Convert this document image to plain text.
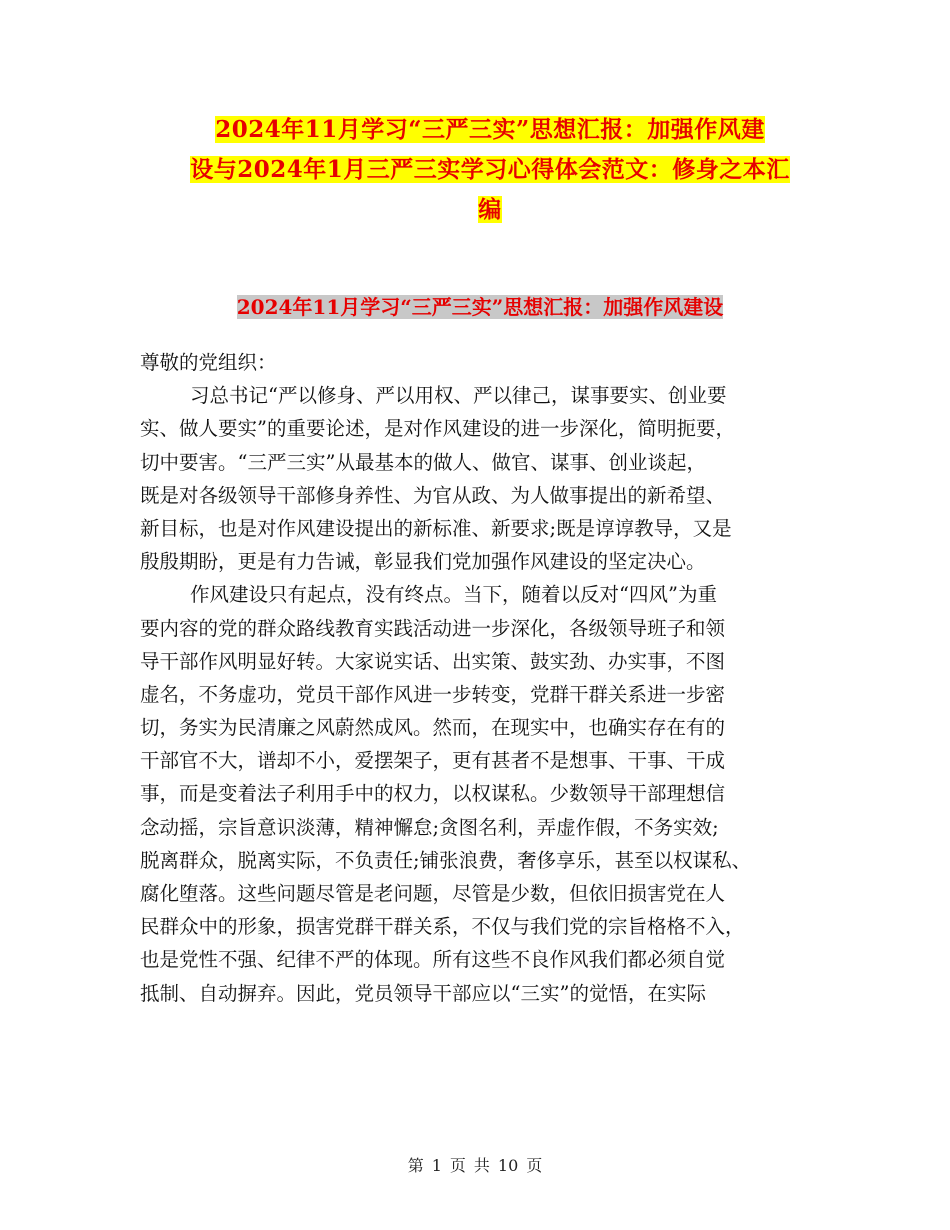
2024年11月学习“三严三实”思想汇报：加强作风建
设与2024年1月三严三实学习心得体会范文：修身之本汇
编
2024年11月学习“三严三实”思想汇报：加强作风建设
尊敬的党组织：
习总书记“严以修身、严以用权、严以律己，谋事要实、创业要
实、做人要实”的重要论述，是对作风建设的进一步深化，简明扼要，
切中要害。“三严三实”从最基本的做人、做官、谋事、创业谈起，
既是对各级领导干部修身养性、为官从政、为人做事提出的新希望、
新目标，也是对作风建设提出的新标准、新要求;既是谆谆教导，又是
殷殷期盼，更是有力告诫，彰显我们党加强作风建设的坚定决心。
作风建设只有起点，没有终点。当下，随着以反对“四风”为重
要内容的党的群众路线教育实践活动进一步深化，各级领导班子和领
导干部作风明显好转。大家说实话、出实策、鼓实劲、办实事，不图
虚名，不务虚功，党员干部作风进一步转变，党群干群关系进一步密
切，务实为民清廉之风蔚然成风。然而，在现实中，也确实存在有的
干部官不大，谱却不小，爱摆架子，更有甚者不是想事、干事、干成
事，而是变着法子利用手中的权力，以权谋私。少数领导干部理想信
念动摇，宗旨意识淡薄，精神懈怠;贪图名利，弄虚作假，不务实效;
脱离群众，脱离实际，不负责任;铺张浪费，奢侈享乐，甚至以权谋私、
腐化堕落。这些问题尽管是老问题，尽管是少数，但依旧损害党在人
民群众中的形象，损害党群干群关系，不仅与我们党的宗旨格格不入，
也是党性不强、纪律不严的体现。所有这些不良作风我们都必须自觉
抵制、自动摒弃。因此，党员领导干部应以“三实”的觉悟，在实际
第 1 页 共 10 页
